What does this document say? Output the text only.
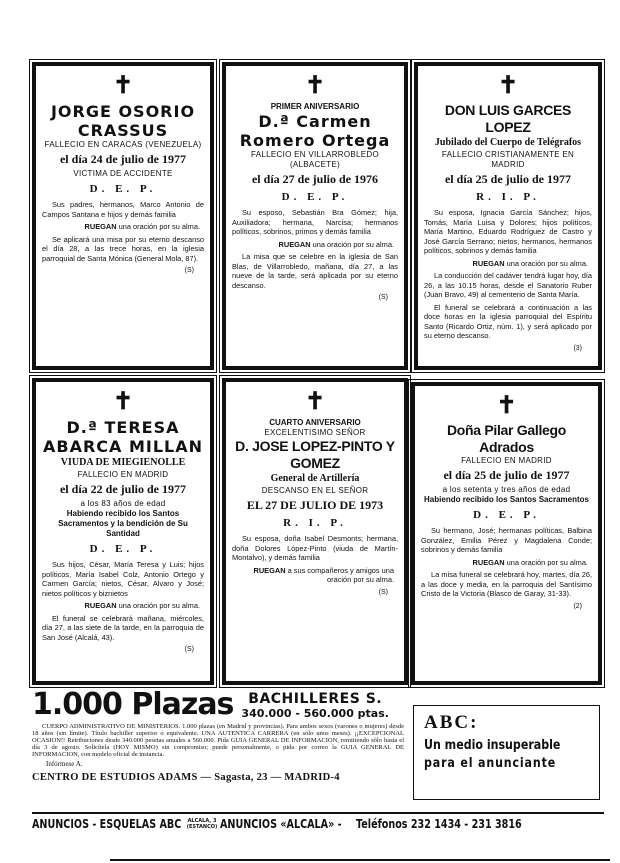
✝
JORGE OSORIO CRASSUS
FALLECIO EN CARACAS (VENEZUELA)
el día 24 de julio de 1977
VICTIMA DE ACCIDENTE
D. E. P.
Sus padres, hermanos, Marco Antonio de Campos Santana e hijos y demás familia
RUEGAN una oración por su alma.
Se aplicará una misa por su eterno descanso el día 28, a las trece horas, en la iglesia parroquial de Santa Mónica (General Mola, 87).
(S)
✝
PRIMER ANIVERSARIO
D.ª Carmen Romero Ortega
FALLECIO EN VILLARROBLEDO (ALBACETE)
el día 27 de julio de 1976
D. E. P.
Su esposo, Sebastián Bra Gómez; hija, Auxiliadora; hermana, Narcisa; hermanos políticos, sobrinos, primos y demás familia
RUEGAN una oración por su alma.
La misa que se celebre en la iglesia de San Blas, de Villarrobledo, mañana, día 27, a las nueve de la tarde, será aplicada por su eterno descanso.
(S)
✝
DON LUIS GARCES LOPEZ
Jubilado del Cuerpo de Telégrafos
FALLECIO CRISTIANAMENTE EN MADRID
el día 25 de julio de 1977
R. I. P.
Su esposa, Ignacia García Sánchez; hijos, Tomás, María Luisa y Dolores; hijos políticos, María Martino, Eduardo Rodríguez de Castro y José García Serrano; nietos, hermanos, hermanos políticos, sobrinos y demás familia
RUEGAN una oración por su alma.
La conducción del cadáver tendrá lugar hoy, día 26, a las 10.15 horas, desde el Sanatorio Ruber (Juan Bravo, 49) al cementerio de Santa María.
El funeral se celebrará a continuación a las doce horas en la iglesia parroquial del Espíritu Santo (Ricardo Ortiz, núm. 1), y será aplicado por su eterno descanso.
(3)
✝
D.ª TERESA ABARCA MILLAN
VIUDA DE MIEGIENOLLE
FALLECIO EN MADRID
el día 22 de julio de 1977
a los 83 años de edad
Habiendo recibido los Santos Sacramentos y la bendición de Su Santidad
D. E. P.
Sus hijos, César, María Teresa y Luis; hijos políticos, María Isabel Colz, Antonio Ortego y Carmen García; nietos, César, Alvaro y José; nietos políticos y biznietos
RUEGAN una oración por su alma.
El funeral se celebrará mañana, miércoles, día 27, a las siete de la tarde, en la parroquia de San José (Alcalá, 43).
(S)
✝
CUARTO ANIVERSARIO
EXCELENTISIMO SEÑOR
D. JOSE LOPEZ-PINTO Y GOMEZ
General de Artillería
DESCANSO EN EL SEÑOR
EL 27 DE JULIO DE 1973
R. I. P.
Su esposa, doña Isabel Desmonts; hermana, doña Dolores López-Pinto (viuda de Martín-Montalvo), y demás familia
RUEGAN a sus compañeros y amigos una oración por su alma.
(S)
✝
Doña Pilar Gallego Adrados
FALLECIO EN MADRID
el día 25 de julio de 1977
a los setenta y tres años de edad
Habiendo recibido los Santos Sacramentos
D. E. P.
Su hermano, José; hermanas políticas, Balbina González, Emilia Pérez y Magdalena Conde; sobrinos y demás familia
RUEGAN una oración por su alma.
La misa funeral se celebrará hoy, martes, día 26, a las doce y media, en la parroquia del Santísimo Cristo de la Victoria (Blasco de Garay, 31-33).
(2)
1.000 Plazas	BACHILLERES S.
340.000 - 560.000 ptas.
CUERPO ADMINISTRATIVO DE MINISTERIOS. 1.000 plazas (en Madrid y provincias). Para ambos sexos (varones o mujeres) desde 18 años (sin límite). Título bachiller superior o equivalente. UNA AUTENTICA CARRERA (en sólo unos meses). ¡¡EXCEPCIONAL OCASION!! Retribuciones desde 340.000 pesetas anuales a 560.000. Pida GUIA GENERAL DE INFORMACION, remitiendo sólo hasta el día 3 de agosto. Solicítela (HOY MISMO) sin compromiso; puede personalmente, o pida por correo la GUIA GENERAL DE INFORMACION, con modelo oficial de instancia.
Infórmese A.
CENTRO DE ESTUDIOS ADAMS — Sagasta, 23 — MADRID-4
ABC:
Un medio insuperable
para el anunciante
ANUNCIOS - ESQUELAS ABC	ALCALA, 3
(ESTANCO) ANUNCIOS «ALCALA» - Teléfonos 232 1434 - 231 3816
